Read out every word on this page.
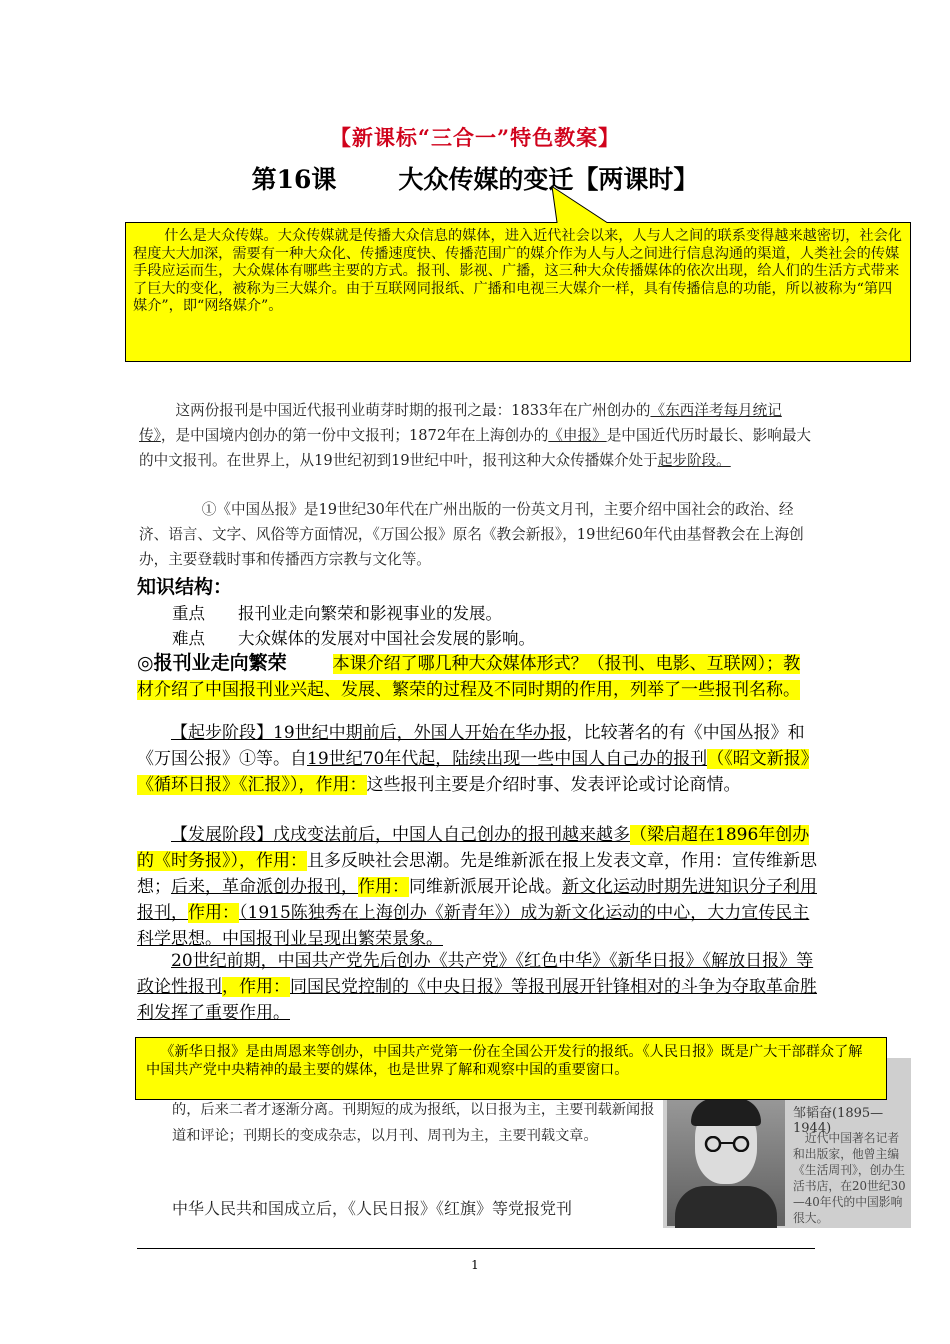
【新课标“三合一”特色教案】
第16课 大众传媒的变迁【两课时】
什么是大众传媒。大众传媒就是传播大众信息的媒体，进入近代社会以来，人与人之间的联系变得越来越密切，社会化程度大大加深，需要有一种大众化、传播速度快、传播范围广的媒介作为人与人之间进行信息沟通的渠道，人类社会的传媒手段应运而生，大众媒体有哪些主要的方式。报刊、影视、广播，这三种大众传播媒体的依次出现，给人们的生活方式带来了巨大的变化，被称为三大媒介。由于互联网同报纸、广播和电视三大媒介一样，具有传播信息的功能，所以被称为“第四媒介”，即“网络媒介”。
这两份报刊是中国近代报刊业萌芽时期的报刊之最：1833年在广州创办的《东西洋考每月统记传》，是中国境内创办的第一份中文报刊；1872年在上海创办的《申报》是中国近代历时最长、影响最大的中文报刊。在世界上，从19世纪初到19世纪中叶，报刊这种大众传播媒介处于起步阶段。
①《中国丛报》是19世纪30年代在广州出版的一份英文月刊，主要介绍中国社会的政治、经济、语言、文字、风俗等方面情况，《万国公报》原名《教会新报》，19世纪60年代由基督教会在上海创办，主要登载时事和传播西方宗教与文化等。
知识结构：
重点 报刊业走向繁荣和影视事业的发展。
难点 大众媒体的发展对中国社会发展的影响。
◎报刊业走向繁荣	本课介绍了哪几种大众媒体形式？（报刊、电影、互联网）；教材介绍了中国报刊业兴起、发展、繁荣的过程及不同时期的作用，列举了一些报刊名称。
【起步阶段】19世纪中期前后，外国人开始在华办报，比较著名的有《中国丛报》和《万国公报》①等。自19世纪70年代起，陆续出现一些中国人自己办的报刊（《昭文新报》《循环日报》《汇报》），作用：这些报刊主要是介绍时事、发表评论或讨论商情。
【发展阶段】戊戌变法前后，中国人自己创办的报刊越来越多（梁启超在1896年创办的《时务报》），作用：且多反映社会思潮。先是维新派在报上发表文章，作用：宣传维新思想；后来，革命派创办报刊，作用：同维新派展开论战。新文化运动时期先进知识分子利用报刊，作用：（1915陈独秀在上海创办《新青年》）成为新文化运动的中心，大力宣传民主科学思想。中国报刊业呈现出繁荣景象。
20世纪前期，中国共产党先后创办《共产党》《红色中华》《新华日报》《解放日报》等政论性报刊，作用：同国民党控制的《中央日报》等报刊展开针锋相对的斗争为夺取革命胜利发挥了重要作用。
的，后来二者才逐渐分离。刊期短的成为报纸，以日报为主，主要刊载新闻报道和评论；刊期长的变成杂志，以月刊、周刊为主，主要刊载文章。
中华人民共和国成立后，《人民日报》《红旗》等党报党刊
邹韬奋(1895—1944)
近代中国著名记者和出版家，他曾主编《生活周刊》，创办生活书店，在20世纪30—40年代的中国影响很大。
《新华日报》是由周恩来等创办，中国共产党第一份在全国公开发行的报纸。《人民日报》既是广大干部群众了解中国共产党中央精神的最主要的媒体，也是世界了解和观察中国的重要窗口。
1
